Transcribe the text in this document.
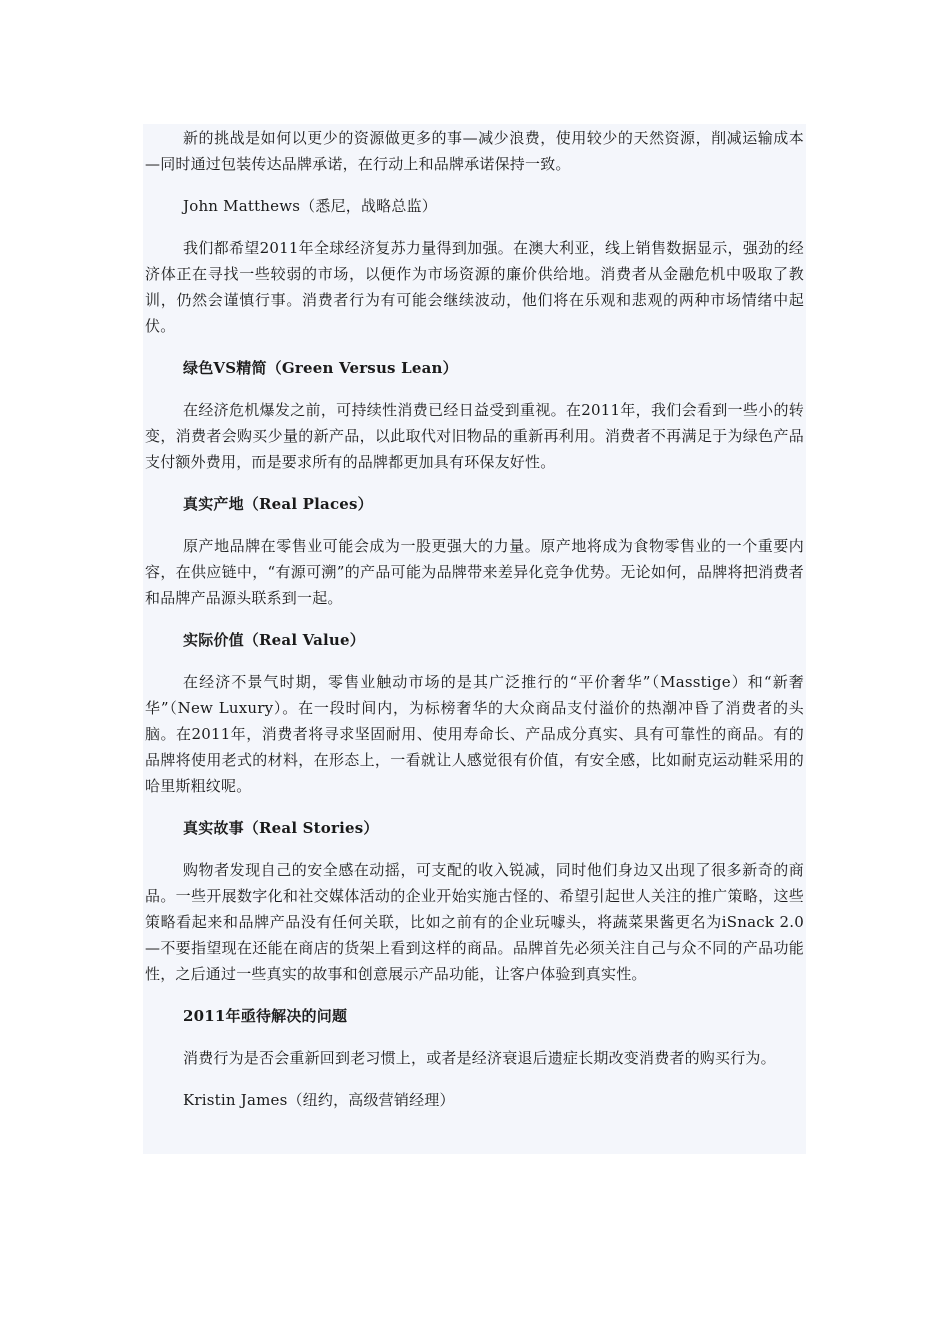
新的挑战是如何以更少的资源做更多的事—减少浪费，使用较少的天然资源，削减运输成本—同时通过包装传达品牌承诺，在行动上和品牌承诺保持一致。

John Matthews（悉尼，战略总监）

我们都希望2011年全球经济复苏力量得到加强。在澳大利亚，线上销售数据显示，强劲的经济体正在寻找一些较弱的市场，以便作为市场资源的廉价供给地。消费者从金融危机中吸取了教训，仍然会谨慎行事。消费者行为有可能会继续波动，他们将在乐观和悲观的两种市场情绪中起伏。

绿色VS精简（Green Versus Lean）

在经济危机爆发之前，可持续性消费已经日益受到重视。在2011年，我们会看到一些小的转变，消费者会购买少量的新产品，以此取代对旧物品的重新再利用。消费者不再满足于为绿色产品支付额外费用，而是要求所有的品牌都更加具有环保友好性。

真实产地（Real Places）

原产地品牌在零售业可能会成为一股更强大的力量。原产地将成为食物零售业的一个重要内容，在供应链中，“有源可溯”的产品可能为品牌带来差异化竞争优势。无论如何，品牌将把消费者和品牌产品源头联系到一起。

实际价值（Real Value）

在经济不景气时期，零售业触动市场的是其广泛推行的“平价奢华”（Masstige）和“新奢华”（New Luxury）。在一段时间内，为标榜奢华的大众商品支付溢价的热潮冲昏了消费者的头脑。在2011年，消费者将寻求坚固耐用、使用寿命长、产品成分真实、具有可靠性的商品。有的品牌将使用老式的材料，在形态上，一看就让人感觉很有价值，有安全感，比如耐克运动鞋采用的哈里斯粗纹呢。

真实故事（Real Stories）

购物者发现自己的安全感在动摇，可支配的收入锐减，同时他们身边又出现了很多新奇的商品。一些开展数字化和社交媒体活动的企业开始实施古怪的、希望引起世人关注的推广策略，这些策略看起来和品牌产品没有任何关联，比如之前有的企业玩噱头，将蔬菜果酱更名为iSnack 2.0—不要指望现在还能在商店的货架上看到这样的商品。品牌首先必须关注自己与众不同的产品功能性，之后通过一些真实的故事和创意展示产品功能，让客户体验到真实性。

2011年亟待解决的问题

消费行为是否会重新回到老习惯上，或者是经济衰退后遗症长期改变消费者的购买行为。

Kristin James（纽约，高级营销经理）
